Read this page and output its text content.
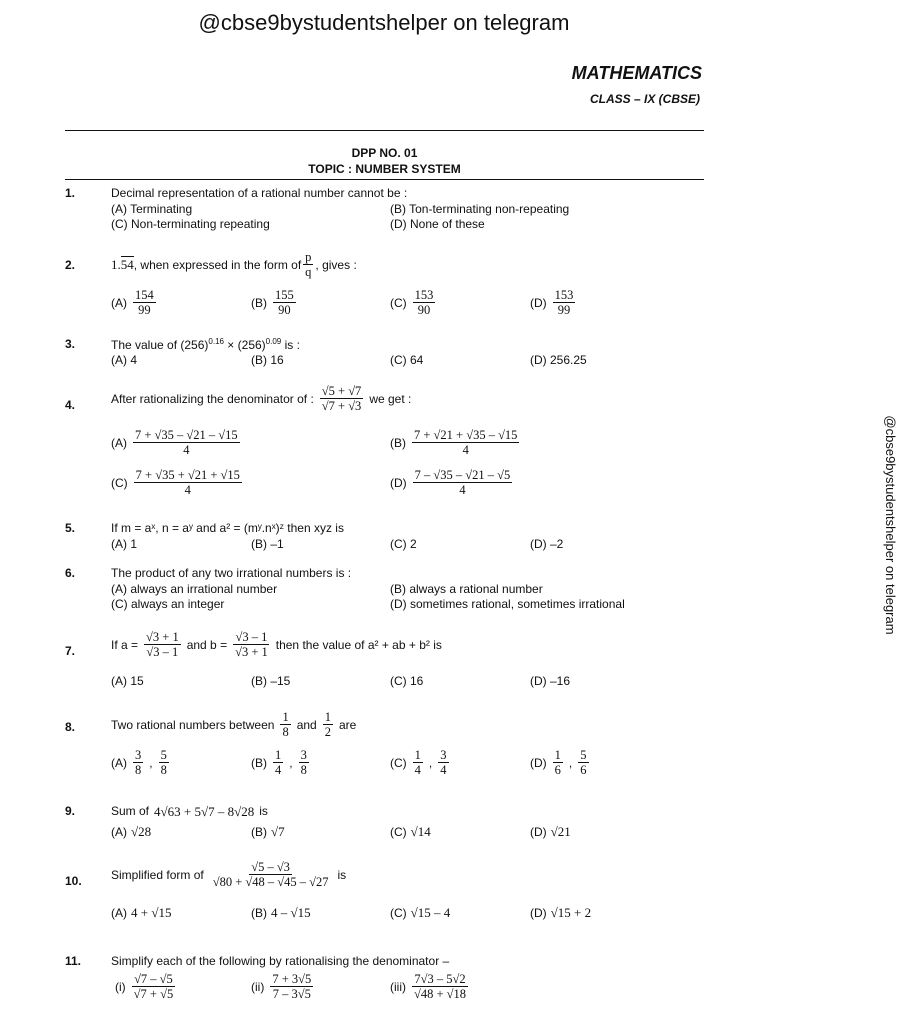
@cbse9bystudentshelper on telegram
MATHEMATICS
CLASS – IX (CBSE)
DPP NO. 01
TOPIC : NUMBER SYSTEM
@cbse9bystudentshelper on telegram
1.	Decimal representation of a rational number cannot be :
(A) Terminating	(B) Ton-terminating non-repeating
(C) Non-terminating repeating	(D) None of these
2.	1. 54 , when expressed in the form of $\frac{p}{q}$ , gives :
$(A) \frac{154}{99}$	$(B) \frac{155}{90}$	$(C) \frac{153}{90}$	$(D) \frac{153}{99}$
3.	The value of $(256)^{0.16} \times (256)^{0.09}$ is :
(A) 4	(B) 16	(C) 64	(D) 256.25
4.	After rationalizing the denominator of : $\frac{√5 + √7}{√7 + √3}$ we get :
$(A) \frac{7 + √35 - √21 - √15}{4}$	$(B) \frac{7 + √21 + √35 - √15}{4}$
$(C) \frac{7 + √35 + √21 + √15}{4}$	$(D) \frac{7 - √35 - √21 - √5}{4}$
5.	If m = aˣ, n = aʸ and a² = (mʸ.nˣ)ᶻ then xyz is
(A) 1	(B) –1	(C) 2	(D) –2
6.	The product of any two irrational numbers is :
(A) always an irrational number	(B) always a rational number
(C) always an integer	(D) sometimes rational, sometimes irrational
7.	If $a = \frac{√3 + 1}{√3 - 1}$ and $b = \frac{√3 - 1}{√3 + 1}$ then the value of a² + ab + b² is
(A) 15	(B) –15	(C) 16	(D) –16
8.	Two rational numbers between $\frac{1}{8}$ and $\frac{1}{2}$ are
$(A) \frac{3}{8}$ , $\frac{5}{8}$	$(B) \frac{1}{4}$ , $\frac{3}{8}$	$(C) \frac{1}{4}$ , $\frac{3}{4}$	$(D) \frac{1}{6}$ , $\frac{5}{6}$
9.	Sum of 4√63 + 5√7 – 8√28 is
(A) √28	(B) √7	(C) √14	(D) √21
10. Simplified form of $\frac{√5 - √3}{√80 + √48 - √45 - √27}$ is
(A) 4 + √15	(B) 4 – √15	(C) √15 – 4	(D) √15 + 2
11. Simplify each of the following by rationalising the denominator –
$(i) \frac{√7 - √5}{√7 + √5}$	$(ii) \frac{7 + 3√5}{7 - 3√5}$	$(iii) \frac{7√3 - 5√2}{√48 + √18}$
